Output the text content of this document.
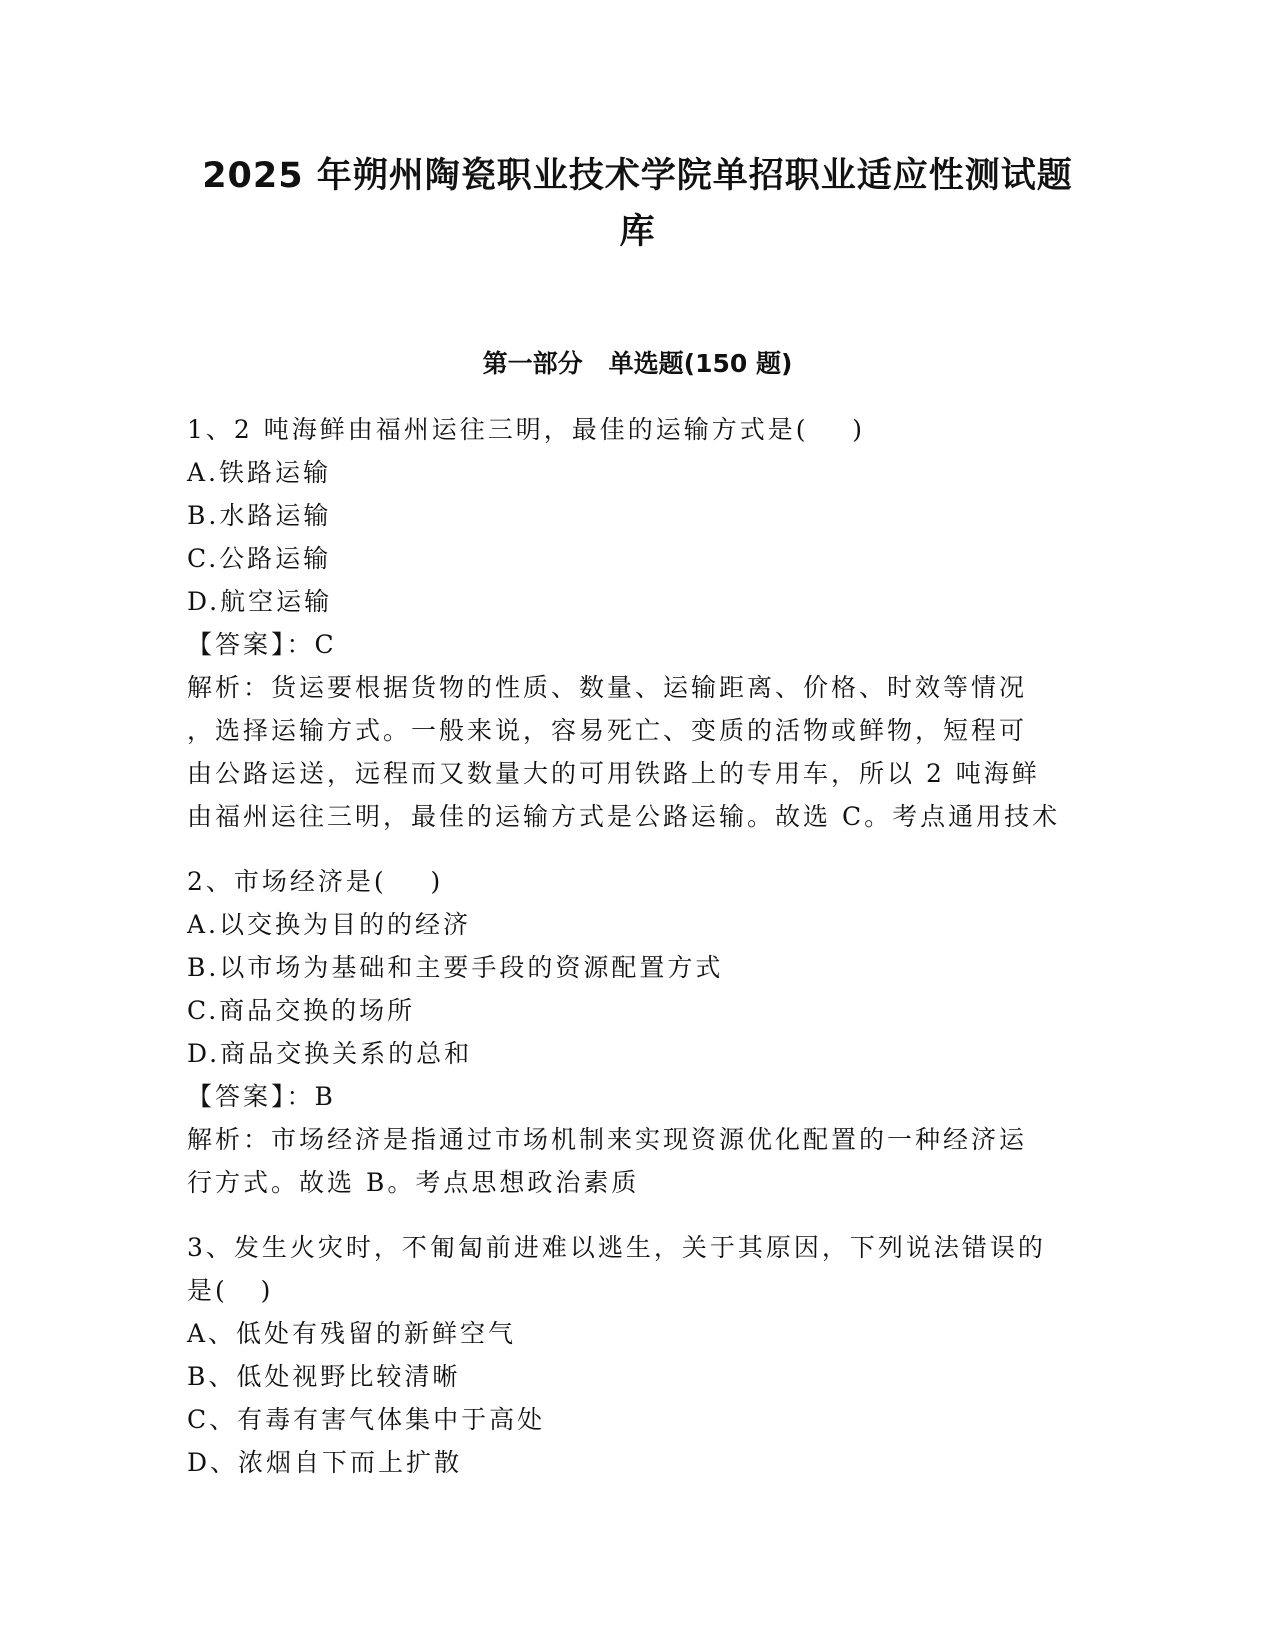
2025 年朔州陶瓷职业技术学院单招职业适应性测试题
库
第一部分   单选题(150 题)
1、2 吨海鲜由福州运往三明，最佳的运输方式是(    )
A.铁路运输
B.水路运输
C.公路运输
D.航空运输
【答案】：C
解析：货运要根据货物的性质、数量、运输距离、价格、时效等情况
，选择运输方式。一般来说，容易死亡、变质的活物或鲜物，短程可
由公路运送，远程而又数量大的可用铁路上的专用车，所以 2 吨海鲜
由福州运往三明，最佳的运输方式是公路运输。故选 C。考点通用技术
2、市场经济是(    )
A.以交换为目的的经济
B.以市场为基础和主要手段的资源配置方式
C.商品交换的场所
D.商品交换关系的总和
【答案】：B
解析：市场经济是指通过市场机制来实现资源优化配置的一种经济运
行方式。故选 B。考点思想政治素质
3、发生火灾时，不匍匐前进难以逃生，关于其原因，下列说法错误的
是(   )
A、低处有残留的新鲜空气
B、低处视野比较清晰
C、有毒有害气体集中于高处
D、浓烟自下而上扩散
